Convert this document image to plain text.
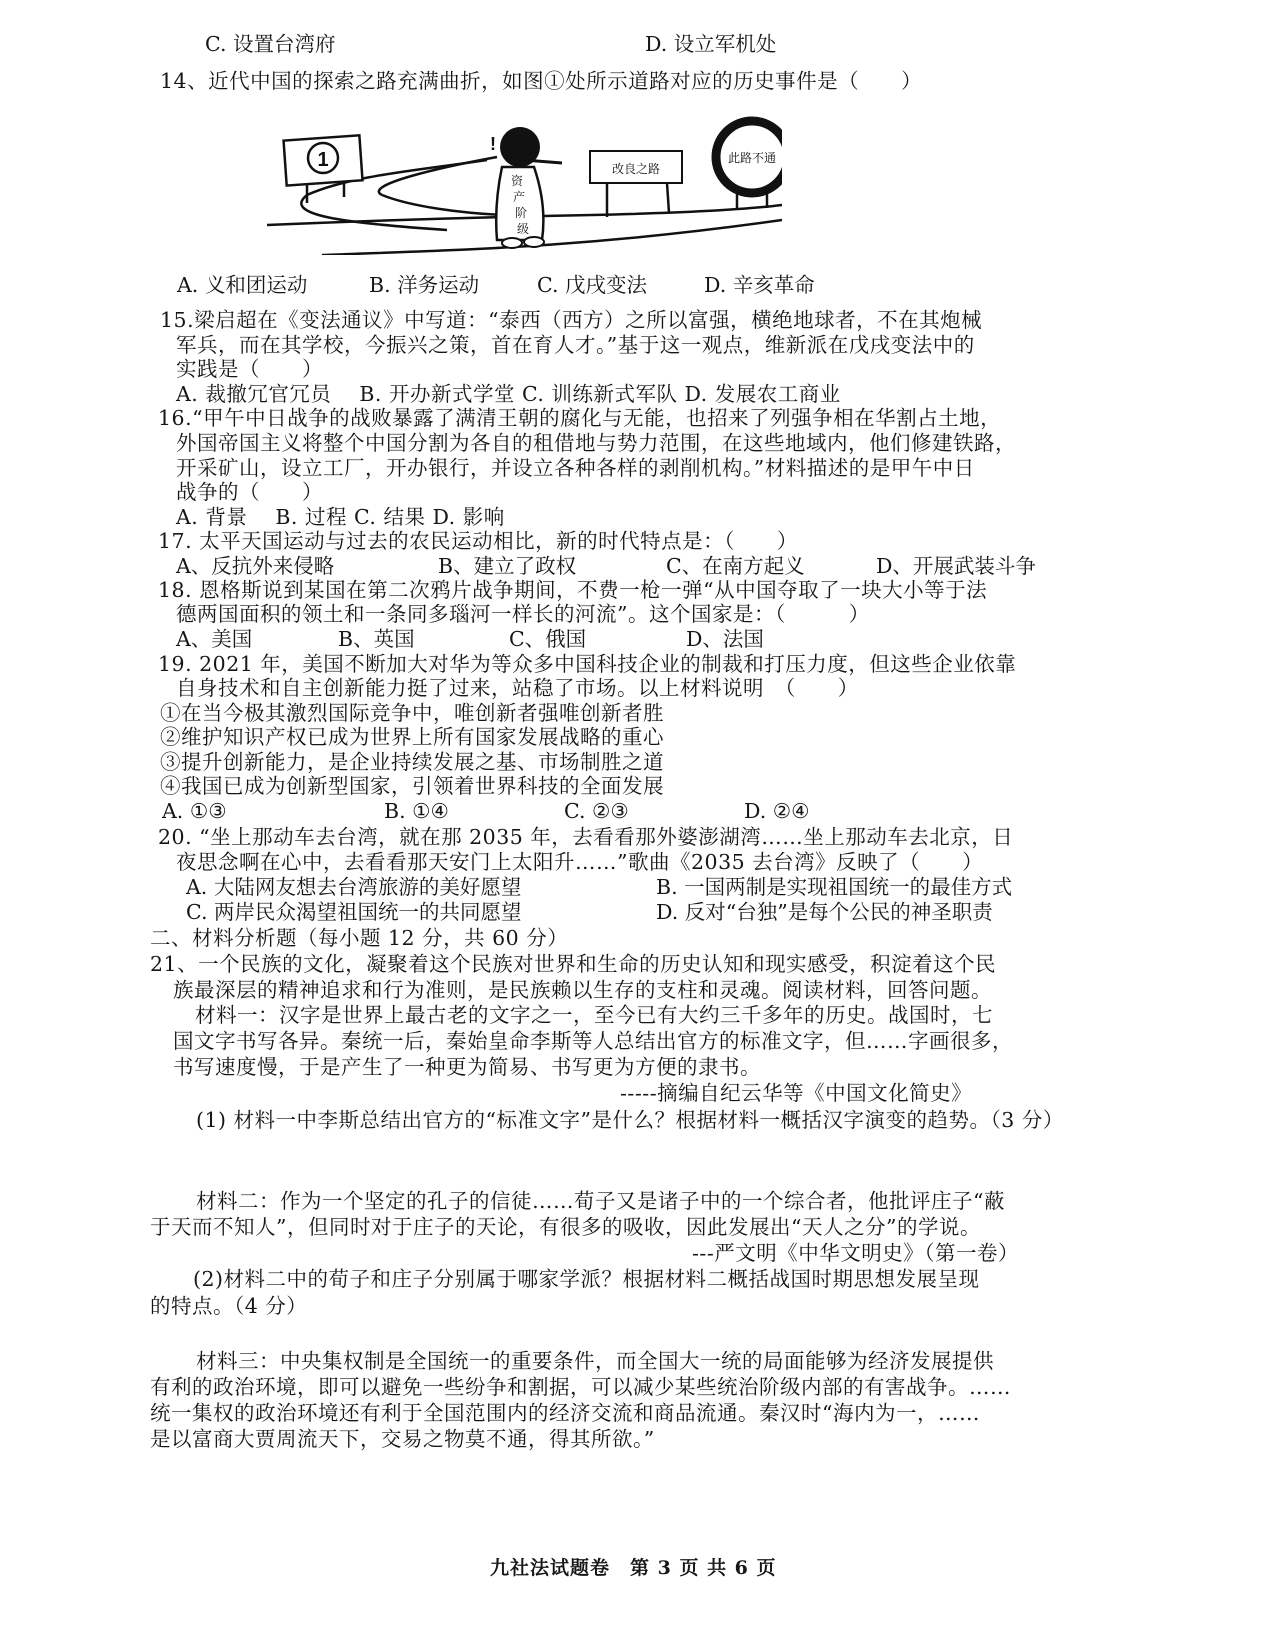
C. 设置台湾府	D. 设立军机处
14、近代中国的探索之路充满曲折，如图①处所示道路对应的历史事件是（　　）
1
!
资
产
阶
级
改良之路
此路不通
A. 义和团运动	B. 洋务运动	C. 戊戌变法	D. 辛亥革命
15.梁启超在《变法通议》中写道：“泰西（西方）之所以富强，横绝地球者，不在其炮械
军兵，而在其学校，今振兴之策，首在育人才。”基于这一观点，维新派在戊戌变法中的
实践是（　　）
A. 裁撤冗官冗员　 B. 开办新式学堂 C. 训练新式军队 D. 发展农工商业
16.“甲午中日战争的战败暴露了满清王朝的腐化与无能，也招来了列强争相在华割占土地，
外国帝国主义将整个中国分割为各自的租借地与势力范围，在这些地域内，他们修建铁路，
开采矿山，设立工厂，开办银行，并设立各种各样的剥削机构。”材料描述的是甲午中日
战争的（　　）
A. 背景　 B. 过程 C. 结果 D. 影响
17. 太平天国运动与过去的农民运动相比，新的时代特点是：（　　）
A、反抗外来侵略	B、建立了政权	C、在南方起义	D、开展武装斗争
18. 恩格斯说到某国在第二次鸦片战争期间，不费一枪一弹“从中国夺取了一块大小等于法
德两国面积的领土和一条同多瑙河一样长的河流”。这个国家是：（　　　）
A、美国	B、英国	C、俄国	D、法国
19. 2021 年，美国不断加大对华为等众多中国科技企业的制裁和打压力度，但这些企业依靠
自身技术和自主创新能力挺了过来，站稳了市场。以上材料说明　（　　）
①在当今极其激烈国际竞争中，唯创新者强唯创新者胜
②维护知识产权已成为世界上所有国家发展战略的重心
③提升创新能力，是企业持续发展之基、市场制胜之道
④我国已成为创新型国家，引领着世界科技的全面发展
A. ①③	B. ①④	C. ②③	D. ②④
20. “坐上那动车去台湾，就在那 2035 年，去看看那外婆澎湖湾……坐上那动车去北京，日
夜思念啊在心中，去看看那天安门上太阳升……”歌曲《2035 去台湾》反映了（　　）
A. 大陆网友想去台湾旅游的美好愿望	B. 一国两制是实现祖国统一的最佳方式
C. 两岸民众渴望祖国统一的共同愿望	D. 反对“台独”是每个公民的神圣职责
二、材料分析题（每小题 12 分，共 60 分）
21、一个民族的文化，凝聚着这个民族对世界和生命的历史认知和现实感受，积淀着这个民
族最深层的精神追求和行为准则，是民族赖以生存的支柱和灵魂。阅读材料，回答问题。
材料一：汉字是世界上最古老的文字之一，至今已有大约三千多年的历史。战国时，七
国文字书写各异。秦统一后，秦始皇命李斯等人总结出官方的标准文字，但……字画很多，
书写速度慢，于是产生了一种更为简易、书写更为方便的隶书。
-----摘编自纪云华等《中国文化简史》
(1) 材料一中李斯总结出官方的“标准文字”是什么？根据材料一概括汉字演变的趋势。（3 分）
材料二：作为一个坚定的孔子的信徒……荀子又是诸子中的一个综合者，他批评庄子“蔽
于天而不知人”，但同时对于庄子的天论，有很多的吸收，因此发展出“天人之分”的学说。
---严文明《中华文明史》（第一卷）
(2)材料二中的荀子和庄子分别属于哪家学派？根据材料二概括战国时期思想发展呈现
的特点。（4 分）
材料三：中央集权制是全国统一的重要条件，而全国大一统的局面能够为经济发展提供
有利的政治环境，即可以避免一些纷争和割据，可以减少某些统治阶级内部的有害战争。……
统一集权的政治环境还有利于全国范围内的经济交流和商品流通。秦汉时“海内为一，……
是以富商大贾周流天下，交易之物莫不通，得其所欲。”
九社法试题卷　第 3 页 共 6 页
